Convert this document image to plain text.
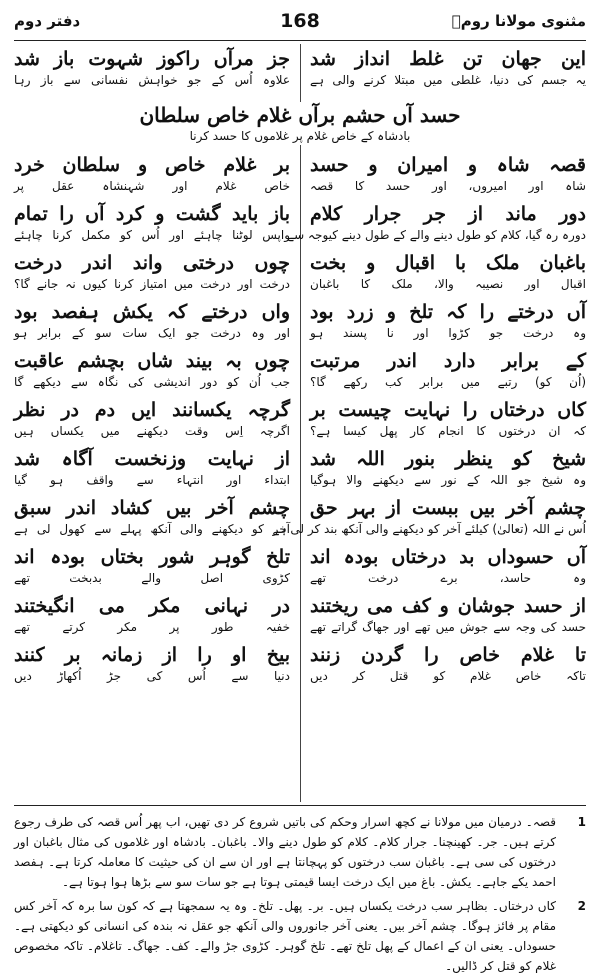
مثنوی مولانا رومؒ
168
دفتر دوم
این جهان تن غلط انداز شد
یہ جسم کی دنیا، غلطی میں مبتلا کرنے والی ہے
جز مرآں راکوز شہوت باز شد
علاوہ اُس کے جو خواہش نفسانی سے باز رہا
حسد آں حشم برآں غلام خاص سلطان
بادشاہ کے خاص غلام پر غلاموں کا حسد کرنا
قصہ شاہ و امیران و حسد
شاہ اور امیروں، اور حسد کا قصہ
دور ماند از جر جرار کلام
دورہ رہ گیا، کلام کو طول دینے والے کے طول دینے کیوجہ سے
باغبان ملک با اقبال و بخت
اقبال اور نصیبہ والا، ملک کا باغبان
آں درختے را کہ تلخ و زرد بود
وہ درخت جو کڑوا اور نا پسند ہو
کے برابر دارد اندر مرتبت
(اُن کو) رتبے میں برابر کب رکھے گا؟
کاں درختاں را نہایت چیست بر
کہ ان درختوں کا انجام کار پھل کیسا ہے؟
شیخ کو ینظر بنور اللہ شد
وہ شیخ جو اللہ کے نور سے دیکھنے والا ہوگیا
چشم آخر بیں ببست از بہر حق
اُس نے اللہ (تعالیٰ) کیلئے آخر کو دیکھنے والی آنکھ بند کر لی ہے
آں حسوداں بد درختاں بودہ اند
وہ حاسد، برے درخت تھے
از حسد جوشان و کف می ریختند
حسد کی وجہ سے جوش میں تھے اور جھاگ گراتے تھے
تا غلام خاص را گردن زنند
تاکہ خاص غلام کو قتل کر دیں
بر غلام خاص و سلطان خرد
خاص غلام اور شہنشاہ عقل پر
باز باید گشت و کرد آں را تمام
واپس لوٹنا چاہئے اور اُس کو مکمل کرنا چاہئے
چوں درختی واند اندر درخت
درخت اور درخت میں امتیاز کرنا کیوں نہ جانے گا؟
واں درختے کہ یکش ہفصد بود
اور وہ درخت جو ایک سات سو کے برابر ہو
چوں بہ بیند شاں بچشم عاقبت
جب اُن کو دور اندیشی کی نگاہ سے دیکھے گا
گرچہ یکسانند ایں دم در نظر
اگرچہ اِس وقت دیکھنے میں یکساں ہیں
از نہایت وزنخست آگاہ شد
ابتداء اور انتہاء سے واقف ہو گیا
چشم آخر بیں کشاد اندر سبق
آخر کو دیکھنے والی آنکھ پہلے سے کھول لی ہے
تلخ گوہر شور بختاں بودہ اند
کڑوی اصل والے بدبخت تھے
در نہانی مکر می انگیختند
خفیہ طور پر مکر کرتے تھے
بیخ او را از زمانہ بر کنند
دنیا سے اُس کی جڑ اُکھاڑ دیں
1
قصہ۔ درمیان میں مولانا نے کچھ اسرار وحکم کی باتیں شروع کر دی تھیں، اب پھر اُس قصہ کی طرف رجوع کرتے ہیں۔ جر۔ کھینچنا۔ جرار کلام۔ کلام کو طول دینے والا۔ باغبان۔ بادشاہ اور غلاموں کی مثال باغبان اور درختوں کی سی ہے۔ باغبان سب درختوں کو پہچانتا ہے اور ان سے ان کی حیثیت کا معاملہ کرتا ہے۔ ہفصد احمد یکے جاہے۔ یکش۔ باغ میں ایک درخت ایسا قیمتی ہوتا ہے جو سات سو سے بڑھا ہوا ہوتا ہے۔
2
کاں درختاں۔ بظاہر سب درخت یکساں ہیں۔ بر۔ پھل۔ تلخ۔ وہ یہ سمجھتا ہے کہ کون سا برہ کہ آخر کس مقام پر فائز ہوگا۔ چشم آخر بیں۔ یعنی آخر جانوروں والی آنکھ جو عقل نہ بندہ کی انسانی کو دیکھتی ہے۔ حسوداں۔ یعنی ان کے اعمال کے پھل تلخ تھے۔ تلخ گوہر۔ کڑوی جڑ والے۔ کف۔ جھاگ۔ تاغلام۔ تاکہ مخصوص غلام کو قتل کر ڈالیں۔
